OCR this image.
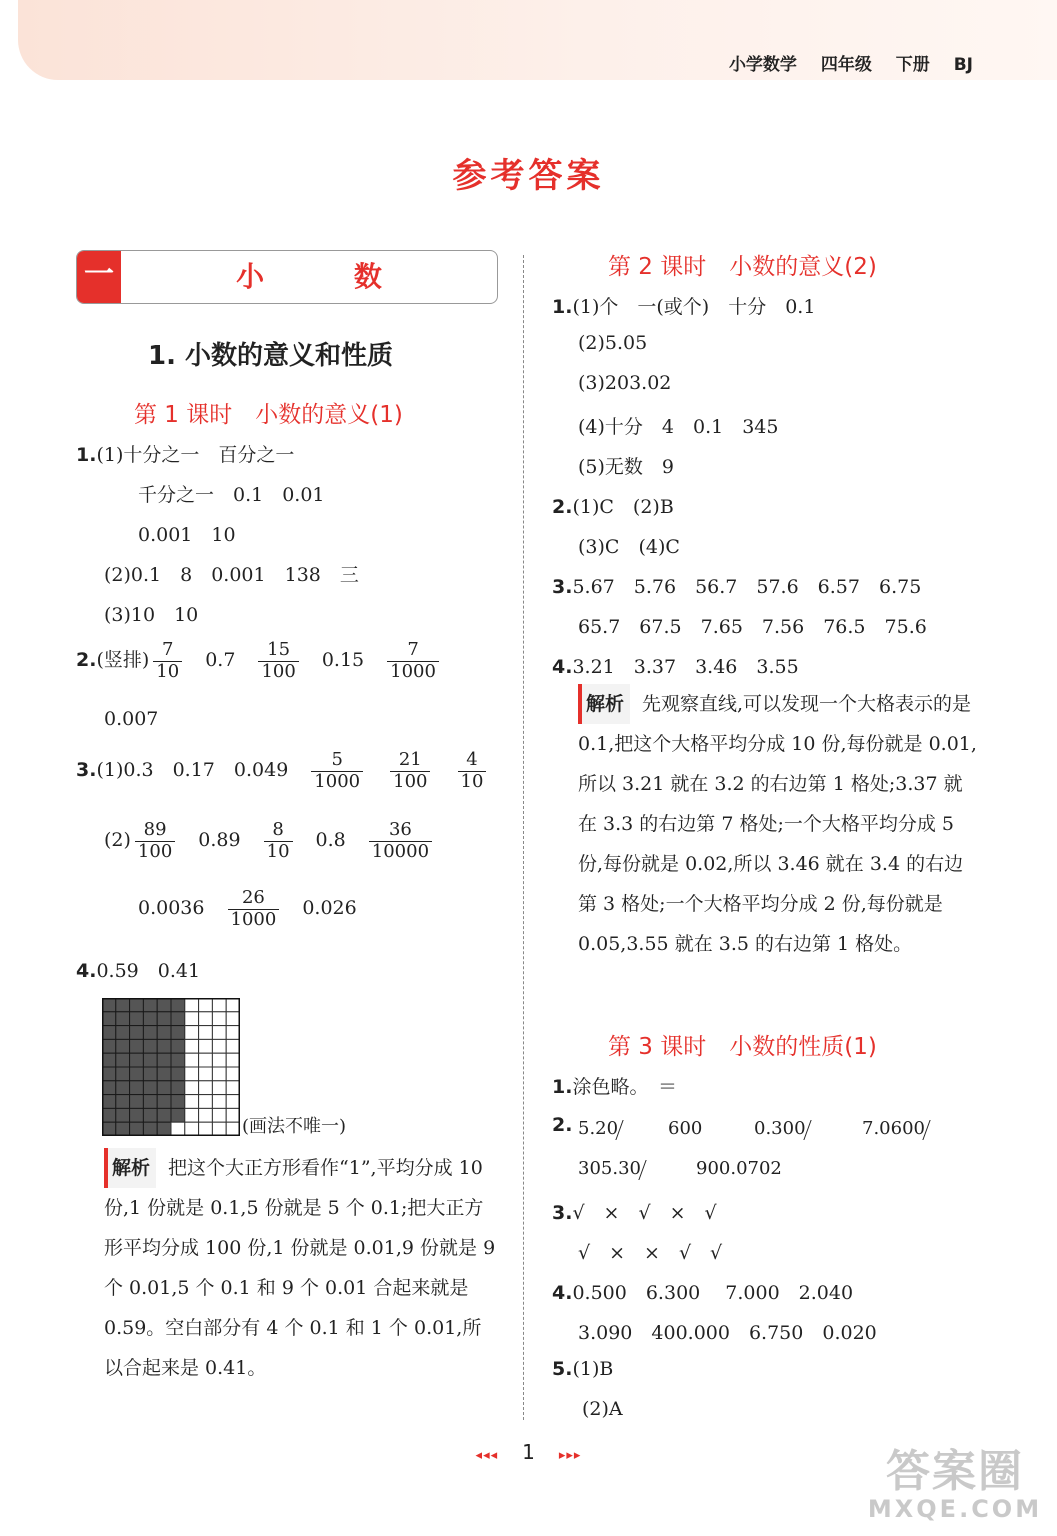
小学数学 四年级 下册 BJ
参考答案
一	小 数
1. 小数的意义和性质
第 1 课时　小数的意义(1)
1.(1)十分之一　百分之一
千分之一　0.1　0.01
0.001　10
(2)0.1　8　0.001　138　三
(3)10　10
2.(竖排) $\frac{7}{10}$
　 0.7　 $\frac{15}{100}$
　 0.15　 $\frac{7}{1000}$
0.007
3.(1)0.3　0.17　0.049　 $\frac{5}{1000}$
　 $\frac{21}{100}$
　 $\frac{4}{10}$
$(2) \frac{89}{100}$
　 0.89　 $\frac{8}{10}$
　 0.8　 $\frac{36}{10000}$
0.0036　 $\frac{26}{1000}$
　 0.026
4.0.59　0.41
(画法不唯一)
解析 把这个大正方形看作“1”,平均分成 10 份,1 份就是 0.1,5 份就是 5 个 0.1;把大正方形平均分成 100 份,1 份就是 0.01,9 份就是 9 个 0.01,5 个 0.1 和 9 个 0.01 合起来就是 0.59。空白部分有 4 个 0.1 和 1 个 0.01,所以合起来是 0.41。
第 2 课时　小数的意义(2)
1.(1)个　一(或个)　十分　0.1
(2)5.05
(3)203.02
(4)十分　4　0.1　345
(5)无数　9
2.(1)C　(2)B
(3)C　(4)C
3.5.67　5.76　56.7　57.6　6.57　6.75
65.7　67.5　7.65　7.56　76.5　75.6
4.3.21　3.37　3.46　3.55
解析 先观察直线,可以发现一个大格表示的是 0.1,把这个大格平均分成 10 份,每份就是 0.01,所以 3.21 就在 3.2 的右边第 1 格处;3.37 就在 3.3 的右边第 7 格处;一个大格平均分成 5 份,每份就是 0.02,所以 3.46 就在 3.4 的右边第 3 格处;一个大格平均分成 2 份,每份就是 0.05,3.55 就在 3.5 的右边第 1 格处。
第 3 课时　小数的性质(1)
1.涂色略。　＝
2. 5.20	600	0.300	7.0600
305.30	900.0702
3.√　×　√　×　√
√　×　×　√　√
4.0.500　6.300　 7.000　2.040
3.090　400.000　6.750　0.020
5.(1)B
(2)A
◂◂◂ 1 ▸▸▸	答案圈
MXQE.COM
